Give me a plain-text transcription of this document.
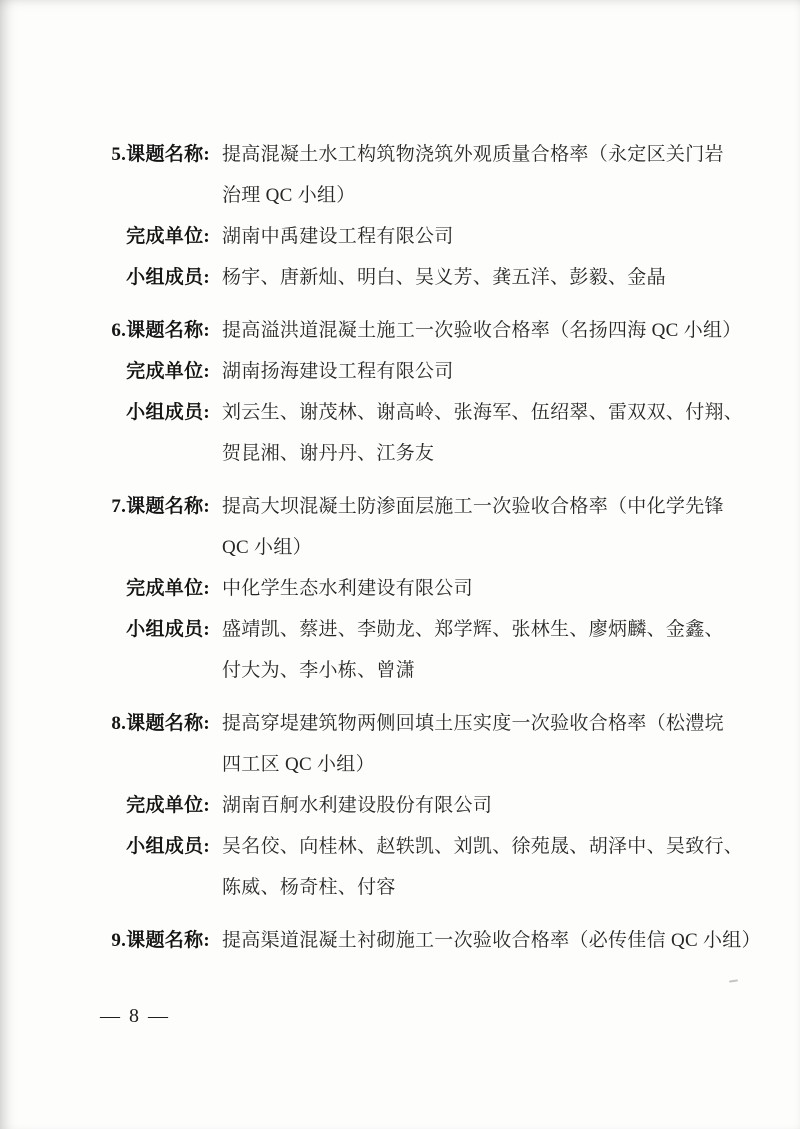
5.课题名称: 提高混凝土水工构筑物浇筑外观质量合格率（永定区关门岩
治理 QC 小组）
完成单位: 湖南中禹建设工程有限公司
小组成员: 杨宇、唐新灿、明白、吴义芳、龚五洋、彭毅、金晶
6.课题名称: 提高溢洪道混凝土施工一次验收合格率（名扬四海 QC 小组）
完成单位: 湖南扬海建设工程有限公司
小组成员: 刘云生、谢茂林、谢高岭、张海军、伍绍翠、雷双双、付翔、
贺昆湘、谢丹丹、江务友
7.课题名称: 提高大坝混凝土防渗面层施工一次验收合格率（中化学先锋
QC 小组）
完成单位: 中化学生态水利建设有限公司
小组成员: 盛靖凯、蔡进、李勋龙、郑学辉、张林生、廖炳麟、金鑫、
付大为、李小栋、曾潇
8.课题名称: 提高穿堤建筑物两侧回填土压实度一次验收合格率（松澧垸
四工区 QC 小组）
完成单位: 湖南百舸水利建设股份有限公司
小组成员: 吴名佼、向桂林、赵轶凯、刘凯、徐苑晟、胡泽中、吴致行、
陈威、杨奇柱、付容
9.课题名称: 提高渠道混凝土衬砌施工一次验收合格率（必传佳信 QC 小组）
— 8 —
